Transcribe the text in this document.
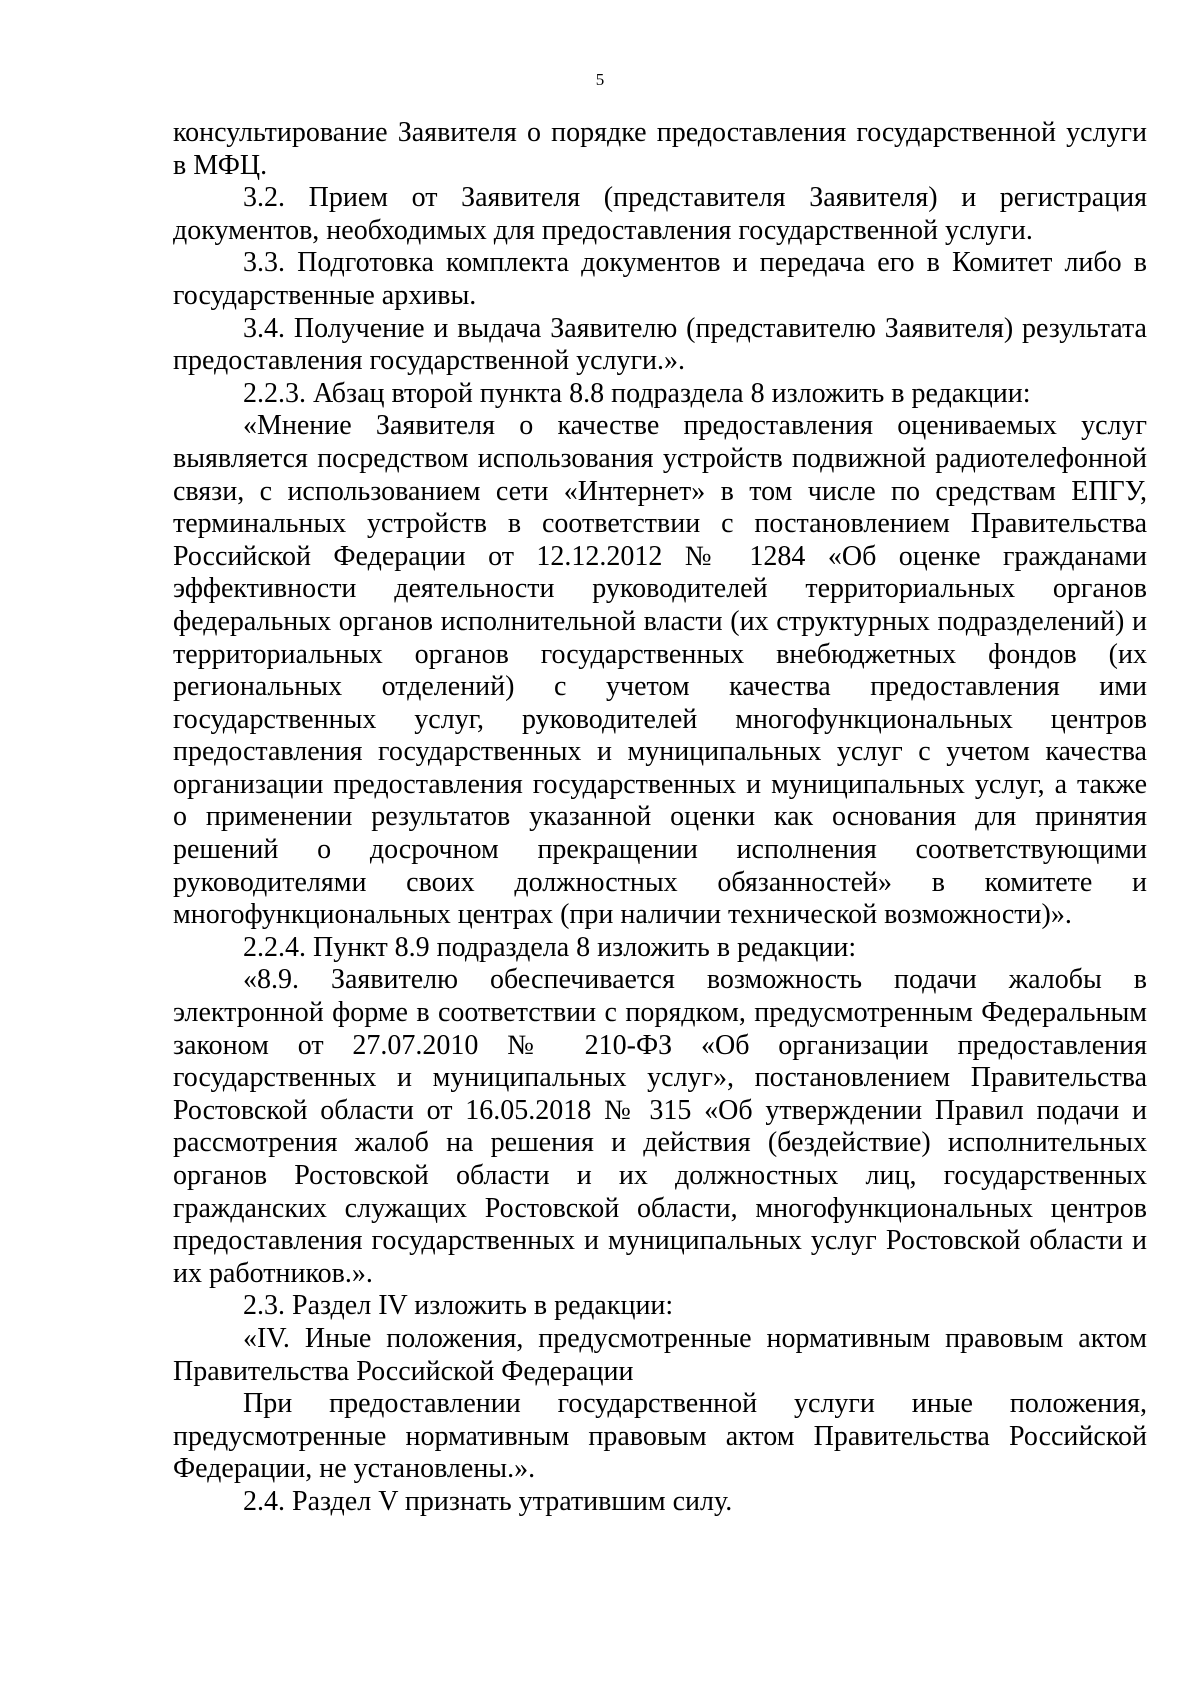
5

консультирование Заявителя о порядке предоставления государственной услуги в МФЦ.

3.2. Прием от Заявителя (представителя Заявителя) и регистрация документов, необходимых для предоставления государственной услуги.

3.3. Подготовка комплекта документов и передача его в Комитет либо в государственные архивы.

3.4. Получение и выдача Заявителю (представителю Заявителя) результата предоставления государственной услуги.».

2.2.3. Абзац второй пункта 8.8 подраздела 8 изложить в редакции:

«Мнение Заявителя о качестве предоставления оцениваемых услуг выявляется посредством использования устройств подвижной радиотелефонной связи, с использованием сети «Интернет» в том числе по средствам ЕПГУ, терминальных устройств в соответствии с постановлением Правительства Российской Федерации от 12.12.2012 № 1284 «Об оценке гражданами эффективности деятельности руководителей территориальных органов федеральных органов исполнительной власти (их структурных подразделений) и территориальных органов государственных внебюджетных фондов (их региональных отделений) с учетом качества предоставления ими государственных услуг, руководителей многофункциональных центров предоставления государственных и муниципальных услуг с учетом качества организации предоставления государственных и муниципальных услуг, а также о применении результатов указанной оценки как основания для принятия решений о досрочном прекращении исполнения соответствующими руководителями своих должностных обязанностей» в комитете и многофункциональных центрах (при наличии технической возможности)».

2.2.4. Пункт 8.9 подраздела 8 изложить в редакции:

«8.9. Заявителю обеспечивается возможность подачи жалобы в электронной форме в соответствии с порядком, предусмотренным Федеральным законом от 27.07.2010 № 210-ФЗ «Об организации предоставления государственных и муниципальных услуг», постановлением Правительства Ростовской области от 16.05.2018 № 315 «Об утверждении Правил подачи и рассмотрения жалоб на решения и действия (бездействие) исполнительных органов Ростовской области и их должностных лиц, государственных гражданских служащих Ростовской области, многофункциональных центров предоставления государственных и муниципальных услуг Ростовской области и их работников.».

2.3. Раздел IV изложить в редакции:

«IV. Иные положения, предусмотренные нормативным правовым актом Правительства Российской Федерации

При предоставлении государственной услуги иные положения, предусмотренные нормативным правовым актом Правительства Российской Федерации, не установлены.».

2.4. Раздел V признать утратившим силу.
